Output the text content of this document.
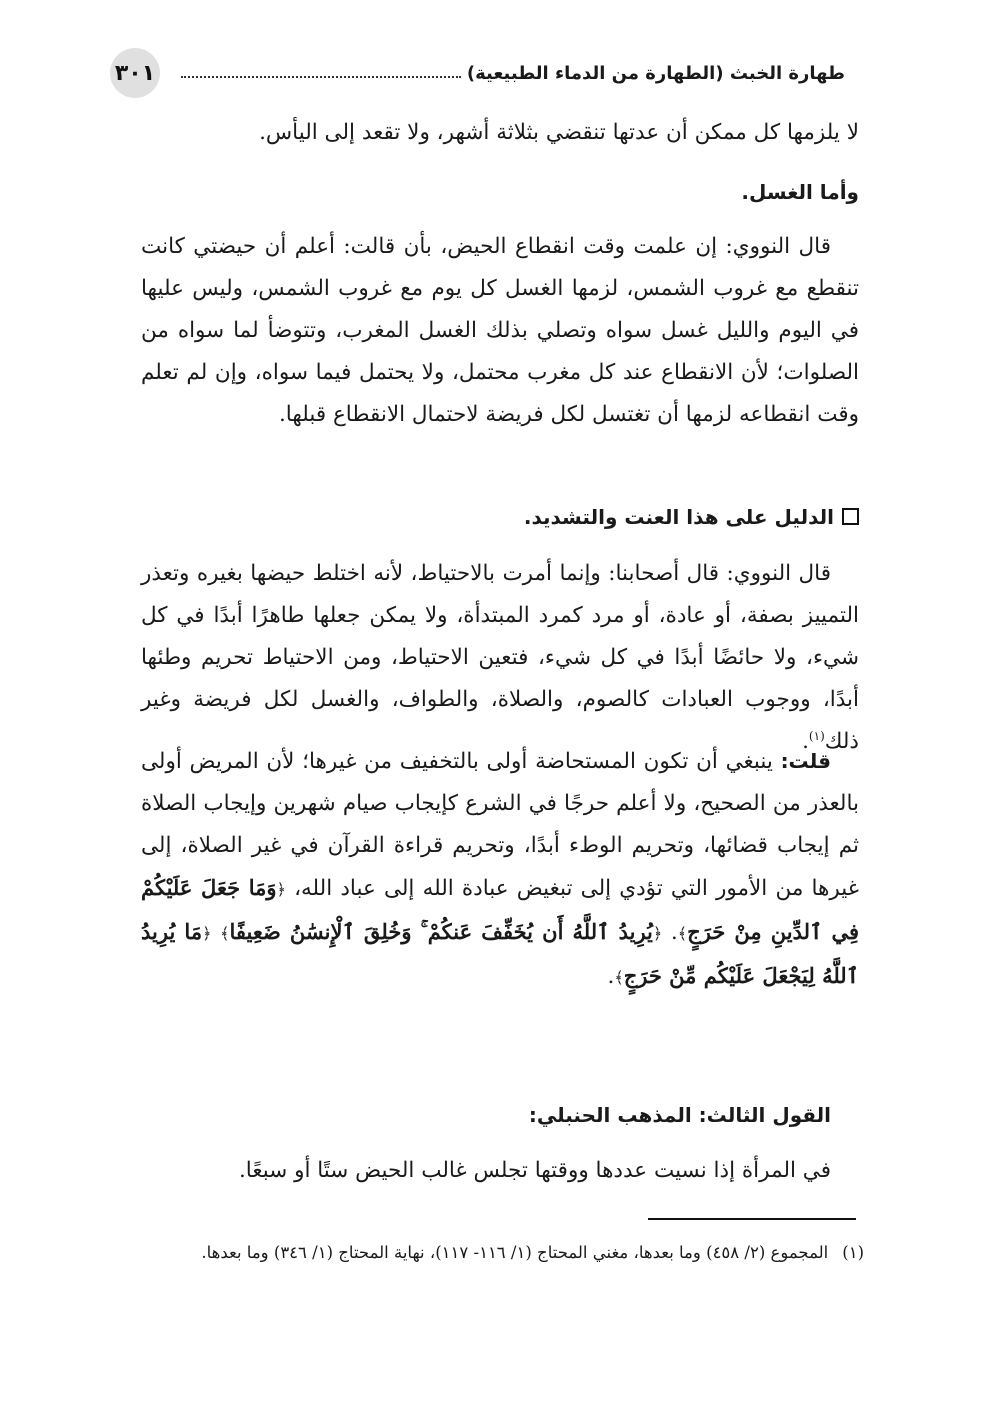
٣٠١	طهارة الخبث (الطهارة من الدماء الطبيعية)

لا يلزمها كل ممكن أن عدتها تنقضي بثلاثة أشهر، ولا تقعد إلى اليأس.

وأما الغسل.

قال النووي: إن علمت وقت انقطاع الحيض، بأن قالت: أعلم أن حيضتي كانت تنقطع مع غروب الشمس، لزمها الغسل كل يوم مع غروب الشمس، وليس عليها في اليوم والليل غسل سواه وتصلي بذلك الغسل المغرب، وتتوضأ لما سواه من الصلوات؛ لأن الانقطاع عند كل مغرب محتمل، ولا يحتمل فيما سواه، وإن لم تعلم وقت انقطاعه لزمها أن تغتسل لكل فريضة لاحتمال الانقطاع قبلها.

الدليل على هذا العنت والتشديد.

قال النووي: قال أصحابنا: وإنما أمرت بالاحتياط، لأنه اختلط حيضها بغيره وتعذر التمييز بصفة، أو عادة، أو مرد كمرد المبتدأة، ولا يمكن جعلها طاهرًا أبدًا في كل شيء، ولا حائضًا أبدًا في كل شيء، فتعين الاحتياط، ومن الاحتياط تحريم وطئها أبدًا، ووجوب العبادات كالصوم، والصلاة، والطواف، والغسل لكل فريضة وغير ذلك$^{(١)}$.

قلت: ينبغي أن تكون المستحاضة أولى بالتخفيف من غيرها؛ لأن المريض أولى بالعذر من الصحيح، ولا أعلم حرجًا في الشرع كإيجاب صيام شهرين وإيجاب الصلاة ثم إيجاب قضائها، وتحريم الوطء أبدًا، وتحريم قراءة القرآن في غير الصلاة، إلى غيرها من الأمور التي تؤدي إلى تبغيض عبادة الله إلى عباد الله، ﴿وَمَا جَعَلَ عَلَيْكُمْ فِي ٱلدِّينِ مِنْ حَرَجٍ﴾. ﴿يُرِيدُ ٱللَّهُ أَن يُخَفِّفَ عَنكُمْ ۚ وَخُلِقَ ٱلْإِنسَٰنُ ضَعِيفًا﴾ ﴿مَا يُرِيدُ ٱللَّهُ لِيَجْعَلَ عَلَيْكُم مِّنْ حَرَجٍ﴾.

القول الثالث: المذهب الحنبلي:

في المرأة إذا نسيت عددها ووقتها تجلس غالب الحيض ستًا أو سبعًا.

(١)المجموع (٢/ ٤٥٨) وما بعدها، مغني المحتاج (١/ ١١٦- ١١٧)، نهاية المحتاج (١/ ٣٤٦) وما بعدها.
